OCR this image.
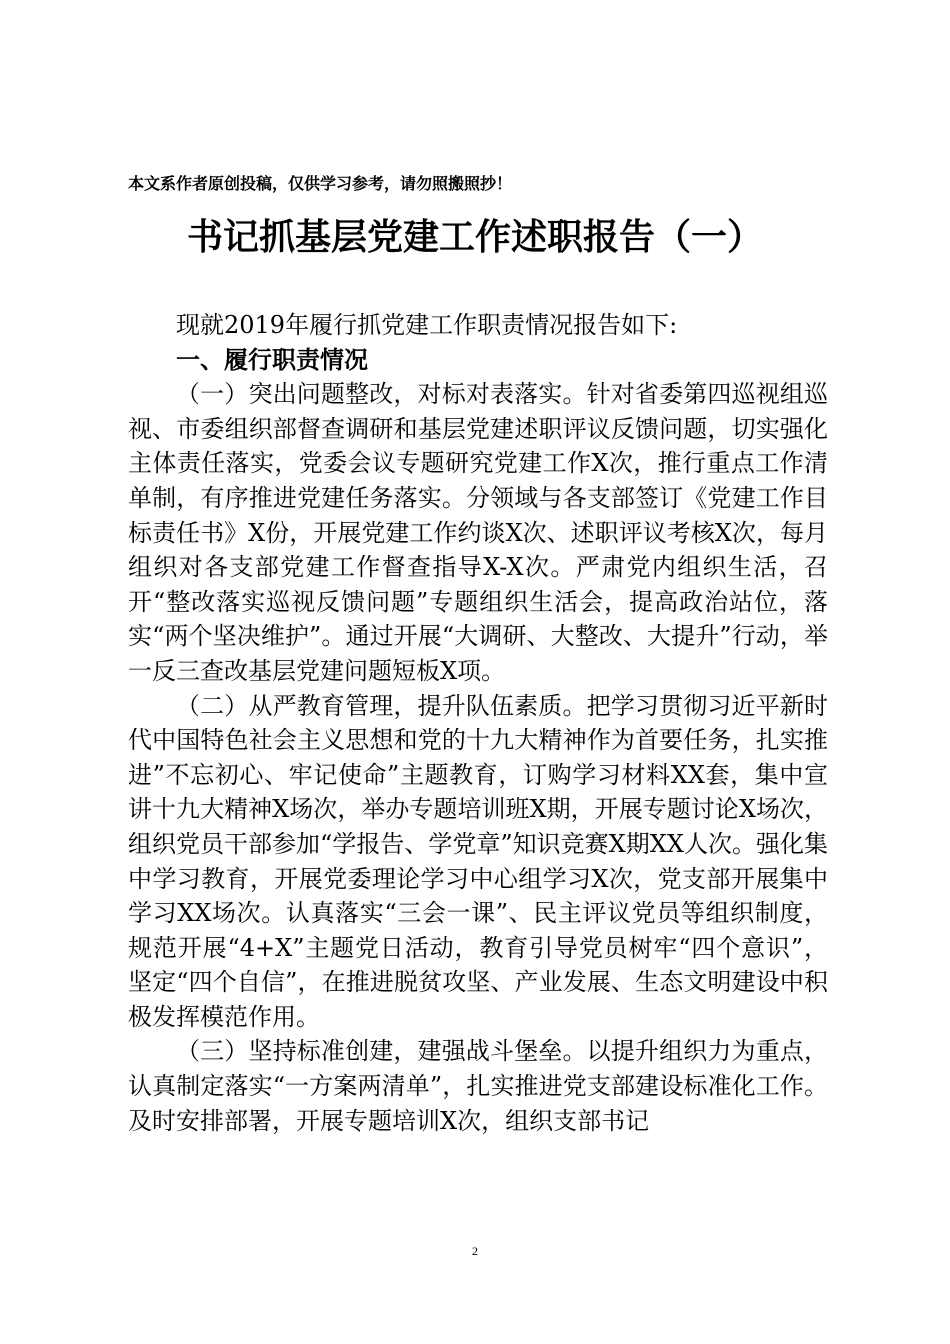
本文系作者原创投稿，仅供学习参考，请勿照搬照抄！
书记抓基层党建工作述职报告（一）

现就2019年履行抓党建工作职责情况报告如下:

一、履行职责情况

（一）突出问题整改，对标对表落实。针对省委第四巡视组巡视、市委组织部督查调研和基层党建述职评议反馈问题，切实强化主体责任落实，党委会议专题研究党建工作X次，推行重点工作清单制，有序推进党建任务落实。分领域与各支部签订《党建工作目标责任书》X份，开展党建工作约谈X次、述职评议考核X次，每月组织对各支部党建工作督查指导X-X次。严肃党内组织生活，召开“整改落实巡视反馈问题”专题组织生活会，提高政治站位，落实“两个坚决维护”。通过开展“大调研、大整改、大提升”行动，举一反三查改基层党建问题短板X项。

（二）从严教育管理，提升队伍素质。把学习贯彻习近平新时代中国特色社会主义思想和党的十九大精神作为首要任务，扎实推进”不忘初心、牢记使命”主题教育，订购学习材料XX套，集中宣讲十九大精神X场次，举办专题培训班X期，开展专题讨论X场次，组织党员干部参加“学报告、学党章”知识竞赛X期XX人次。强化集中学习教育，开展党委理论学习中心组学习X次，党支部开展集中学习XX场次。认真落实“三会一课”、民主评议党员等组织制度，规范开展“4+X”主题党日活动，教育引导党员树牢“四个意识”，坚定“四个自信”，在推进脱贫攻坚、产业发展、生态文明建设中积极发挥模范作用。

（三）坚持标准创建，建强战斗堡垒。以提升组织力为重点，认真制定落实“一方案两清单”，扎实推进党支部建设标准化工作。及时安排部署，开展专题培训X次，组织支部书记

2
